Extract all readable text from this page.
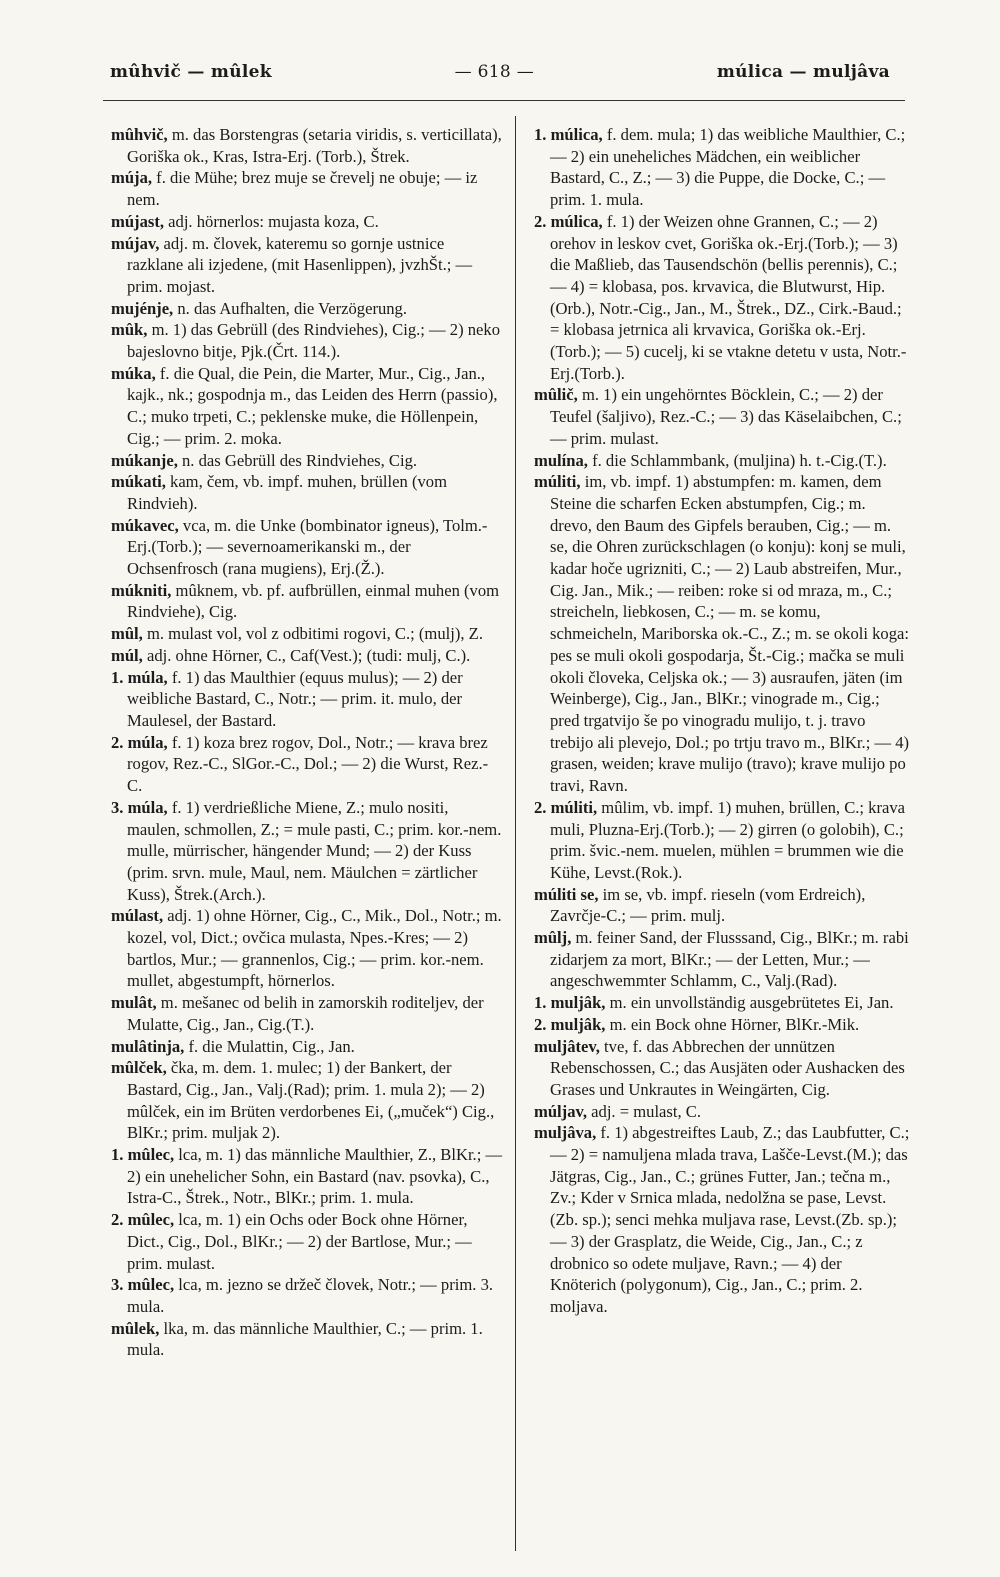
mûhvič — mûlek	— 618 —	múlica — muljâva

mûhvič, m. das Borstengras (setaria viridis, s. verticillata), Goriška ok., Kras, Istra-Erj. (Torb.), Štrek.

múja, f. die Mühe; brez muje se črevelj ne obuje; — iz nem.

mújast, adj. hörnerlos: mujasta koza, C.

mújav, adj. m. človek, kateremu so gornje ustnice razklane ali izjedene, (mit Hasenlippen), jvzhŠt.; — prim. mojast.

mujénje, n. das Aufhalten, die Verzögerung.

mûk, m. 1) das Gebrüll (des Rindviehes), Cig.; — 2) neko bajeslovno bitje, Pjk.(Črt. 114.).

múka, f. die Qual, die Pein, die Marter, Mur., Cig., Jan., kajk., nk.; gospodnja m., das Leiden des Herrn (passio), C.; muko trpeti, C.; peklenske muke, die Höllenpein, Cig.; — prim. 2. moka.

múkanje, n. das Gebrüll des Rindviehes, Cig.

múkati, kam, čem, vb. impf. muhen, brüllen (vom Rindvieh).

múkavec, vca, m. die Unke (bombinator igneus), Tolm.-Erj.(Torb.); — severnoamerikanski m., der Ochsenfrosch (rana mugiens), Erj.(Ž.).

múkniti, mûknem, vb. pf. aufbrüllen, einmal muhen (vom Rindviehe), Cig.

mûl, m. mulast vol, vol z odbitimi rogovi, C.; (mulj), Z.

múl, adj. ohne Hörner, C., Caf(Vest.); (tudi: mulj, C.).

1. múla, f. 1) das Maulthier (equus mulus); — 2) der weibliche Bastard, C., Notr.; — prim. it. mulo, der Maulesel, der Bastard.

2. múla, f. 1) koza brez rogov, Dol., Notr.; — krava brez rogov, Rez.-C., SlGor.-C., Dol.; — 2) die Wurst, Rez.-C.

3. múla, f. 1) verdrießliche Miene, Z.; mulo nositi, maulen, schmollen, Z.; = mule pasti, C.; prim. kor.-nem. mulle, mürrischer, hängender Mund; — 2) der Kuss (prim. srvn. mule, Maul, nem. Mäulchen = zärtlicher Kuss), Štrek.(Arch.).

múlast, adj. 1) ohne Hörner, Cig., C., Mik., Dol., Notr.; m. kozel, vol, Dict.; ovčica mulasta, Npes.-Kres; — 2) bartlos, Mur.; — grannenlos, Cig.; — prim. kor.-nem. mullet, abgestumpft, hörnerlos.

mulât, m. mešanec od belih in zamorskih roditeljev, der Mulatte, Cig., Jan., Cig.(T.).

mulâtinja, f. die Mulattin, Cig., Jan.

mûlček, čka, m. dem. 1. mulec; 1) der Bankert, der Bastard, Cig., Jan., Valj.(Rad); prim. 1. mula 2); — 2) mûlček, ein im Brüten verdorbenes Ei, („muček“) Cig., BlKr.; prim. muljak 2).

1. mûlec, lca, m. 1) das männliche Maulthier, Z., BlKr.; — 2) ein unehelicher Sohn, ein Bastard (nav. psovka), C., Istra-C., Štrek., Notr., BlKr.; prim. 1. mula.

2. mûlec, lca, m. 1) ein Ochs oder Bock ohne Hörner, Dict., Cig., Dol., BlKr.; — 2) der Bartlose, Mur.; — prim. mulast.

3. mûlec, lca, m. jezno se držeč človek, Notr.; — prim. 3. mula.

mûlek, lka, m. das männliche Maulthier, C.; — prim. 1. mula.

1. múlica, f. dem. mula; 1) das weibliche Maulthier, C.; — 2) ein uneheliches Mädchen, ein weiblicher Bastard, C., Z.; — 3) die Puppe, die Docke, C.; — prim. 1. mula.

2. múlica, f. 1) der Weizen ohne Grannen, C.; — 2) orehov in leskov cvet, Goriška ok.-Erj.(Torb.); — 3) die Maßlieb, das Tausendschön (bellis perennis), C.; — 4) = klobasa, pos. krvavica, die Blutwurst, Hip.(Orb.), Notr.-Cig., Jan., M., Štrek., DZ., Cirk.-Baud.; = klobasa jetrnica ali krvavica, Goriška ok.-Erj.(Torb.); — 5) cucelj, ki se vtakne detetu v usta, Notr.-Erj.(Torb.).

mûlič, m. 1) ein ungehörntes Böcklein, C.; — 2) der Teufel (šaljivo), Rez.-C.; — 3) das Käselaibchen, C.; — prim. mulast.

mulína, f. die Schlammbank, (muljina) h. t.-Cig.(T.).

múliti, im, vb. impf. 1) abstumpfen: m. kamen, dem Steine die scharfen Ecken abstumpfen, Cig.; m. drevo, den Baum des Gipfels berauben, Cig.; — m. se, die Ohren zurückschlagen (o konju): konj se muli, kadar hoče ugrizniti, C.; — 2) Laub abstreifen, Mur., Cig. Jan., Mik.; — reiben: roke si od mraza, m., C.; streicheln, liebkosen, C.; — m. se komu, schmeicheln, Mariborska ok.-C., Z.; m. se okoli koga: pes se muli okoli gospodarja, Št.-Cig.; mačka se muli okoli človeka, Celjska ok.; — 3) ausraufen, jäten (im Weinberge), Cig., Jan., BlKr.; vinograde m., Cig.; pred trgatvijo še po vinogradu mulijo, t. j. travo trebijo ali plevejo, Dol.; po trtju travo m., BlKr.; — 4) grasen, weiden; krave mulijo (travo); krave mulijo po travi, Ravn.

2. múliti, mûlim, vb. impf. 1) muhen, brüllen, C.; krava muli, Pluzna-Erj.(Torb.); — 2) girren (o golobih), C.; prim. švic.-nem. muelen, mühlen = brummen wie die Kühe, Levst.(Rok.).

múliti se, im se, vb. impf. rieseln (vom Erdreich), Zavrčje-C.; — prim. mulj.

mûlj, m. feiner Sand, der Flusssand, Cig., BlKr.; m. rabi zidarjem za mort, BlKr.; — der Letten, Mur.; — angeschwemmter Schlamm, C., Valj.(Rad).

1. muljâk, m. ein unvollständig ausgebrütetes Ei, Jan.

2. muljâk, m. ein Bock ohne Hörner, BlKr.-Mik.

muljâtev, tve, f. das Abbrechen der unnützen Rebenschossen, C.; das Ausjäten oder Aushacken des Grases und Unkrautes in Weingärten, Cig.

múljav, adj. = mulast, C.

muljâva, f. 1) abgestreiftes Laub, Z.; das Laubfutter, C.; — 2) = namuljena mlada trava, Lašče-Levst.(M.); das Jätgras, Cig., Jan., C.; grünes Futter, Jan.; tečna m., Zv.; Kder v Srnica mlada, nedolžna se pase, Levst.(Zb. sp.); senci mehka muljava rase, Levst.(Zb. sp.); — 3) der Grasplatz, die Weide, Cig., Jan., C.; z drobnico so odete muljave, Ravn.; — 4) der Knöterich (polygonum), Cig., Jan., C.; prim. 2. moljava.
